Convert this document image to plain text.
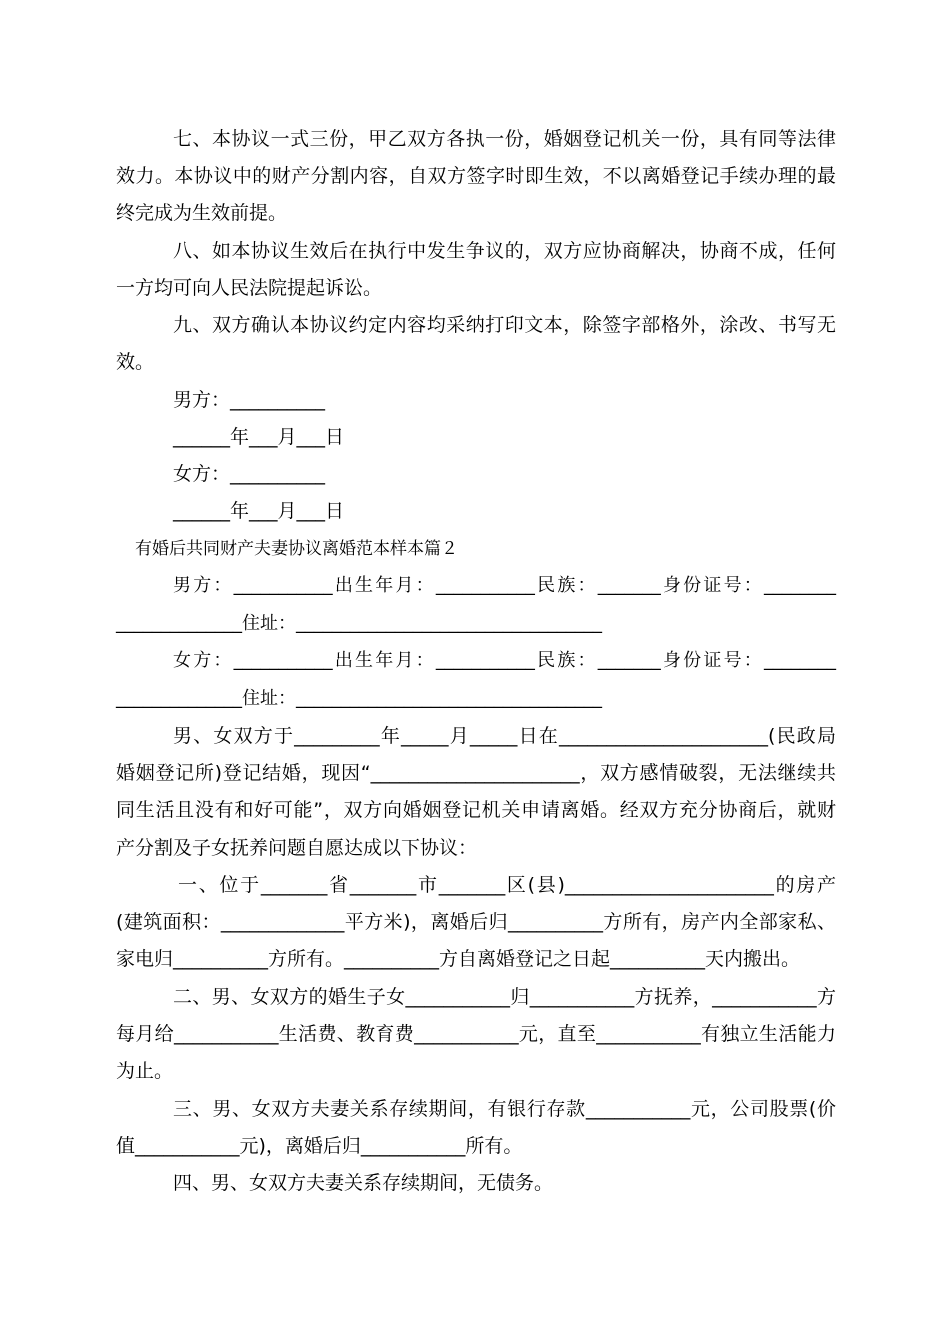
七、本协议一式三份，甲乙双方各执一份，婚姻登记机关一份，具有同等法律

效力。本协议中的财产分割内容，自双方签字时即生效，不以离婚登记手续办理的最

终完成为生效前提。

八、如本协议生效后在执行中发生争议的，双方应协商解决，协商不成，任何

一方均可向人民法院提起诉讼。

九、双方确认本协议约定内容均采纳打印文本，除签字部格外，涂改、书写无

效。

男方：__________

______年___月___日

女方：__________

______年___月___日

有婚后共同财产夫妻协议离婚范本样本篇２

男方：___________出生年月：___________民族：_______身份证号：________

______________住址：__________________________________

女方：___________出生年月：___________民族：_______身份证号：________

______________住址：__________________________________

男、女双方于_________年_____月_____日在______________________(民政局

婚姻登记所)登记结婚，现因“______________________，双方感情破裂，无法继续共

同生活且没有和好可能”，双方向婚姻登记机关申请离婚。经双方充分协商后，就财

产分割及子女抚养问题自愿达成以下协议：

一、位于_______省_______市_______区(县)______________________的房产

(建筑面积：_____________平方米)，离婚后归__________方所有，房产内全部家私、

家电归__________方所有。__________方自离婚登记之日起__________天内搬出。

二、男、女双方的婚生子女___________归___________方抚养，___________方

每月给___________生活费、教育费___________元，直至___________有独立生活能力

为止。

三、男、女双方夫妻关系存续期间，有银行存款___________元，公司股票(价

值___________元)，离婚后归___________所有。

四、男、女双方夫妻关系存续期间，无债务。
